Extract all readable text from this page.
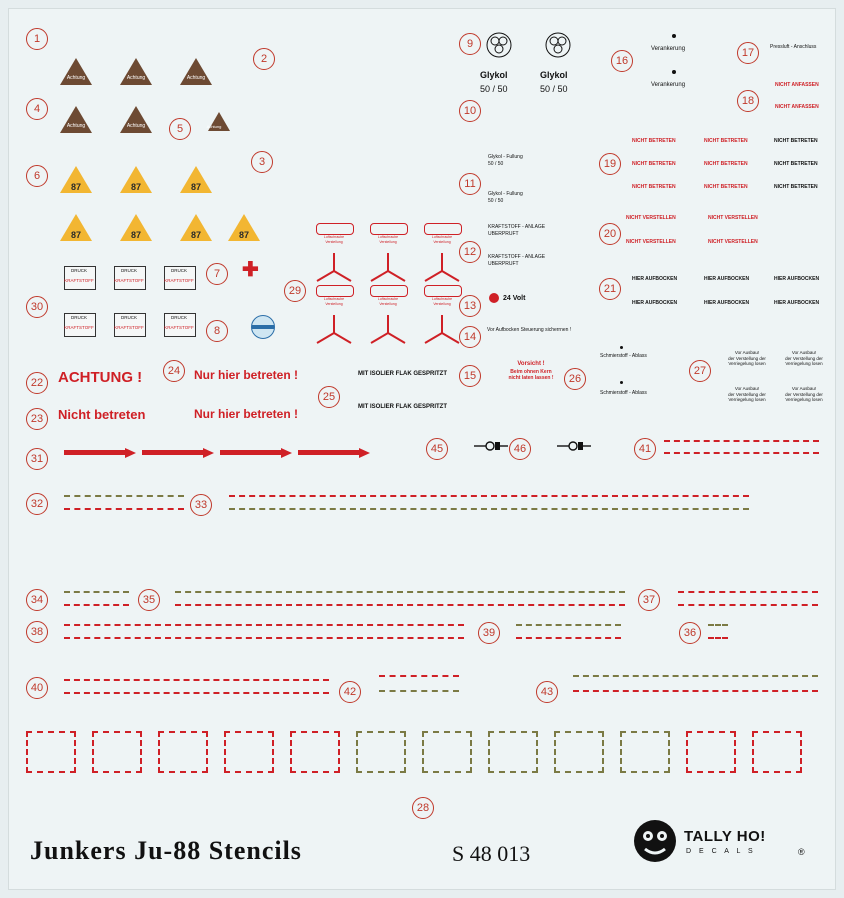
1
2
3
4
5
6
7
8
9
10
11
12
13
14
15
16
17
18
19
20
21
22
23
24
25
26
27
28
29
30
31
32	33
34	35
36
37
38	39
40
41
42	43
45	46
Achtung	Achtung	Achtung
Achtung	Achtung	Achtung
87	87	87
87	87	87	87
DRUCK
KRAFTSTOFF
DRUCK
KRAFTSTOFF
DRUCK
KRAFTSTOFF
DRUCK
KRAFTSTOFF
DRUCK
KRAFTSTOFF
DRUCK
KRAFTSTOFF
✚
Luftschraube
Verstellung
Luftschraube
Verstellung
Luftschraube
Verstellung
Luftschraube
Verstellung
Luftschraube
Verstellung
Luftschraube
Verstellung
Glykol
50 / 50
Glykol
50 / 50
Glykol - Fullung
50 / 50
Glykol - Fullung
50 / 50
KRAFTSTOFF - ANLAGE
UBERPRUFT
KRAFTSTOFF - ANLAGE
UBERPRUFT
24 Volt
Vor Aufbocken Steuerung sicherrnen !
Vorsicht !
Beim ohnen Kern
nicht laten lassen !
Verankerung
Verankerung
Pressluft - Anschluss
NICHT ANFASSEN
NICHT ANFASSEN
NICHT BETRETEN	NICHT BETRETEN	NICHT BETRETEN
NICHT BETRETEN	NICHT BETRETEN	NICHT BETRETEN
NICHT BETRETEN	NICHT BETRETEN	NICHT BETRETEN
NICHT VERSTELLEN	NICHT VERSTELLEN
NICHT VERSTELLEN	NICHT VERSTELLEN
HIER AUFBOCKEN	HIER AUFBOCKEN	HIER AUFBOCKEN
HIER AUFBOCKEN	HIER AUFBOCKEN	HIER AUFBOCKEN
Schmierstoff - Ablass
Schmierstoff - Ablass
Vor Ausbau!
der Verstellung der
Verriegelung losen
Vor Ausbau!
der Verstellung der
Verriegelung losen
Vor Ausbau!
der Verstellung der
Verriegelung losen
Vor Ausbau!
der Verstellung der
Verriegelung losen
ACHTUNG !
Nicht betreten
Nur hier betreten !
Nur hier betreten !
MIT ISOLIER FLAK GESPRITZT
MIT ISOLIER FLAK GESPRITZT
Junkers Ju-88 Stencils	S 48 013
TALLY HO!
D E C A L S	®
